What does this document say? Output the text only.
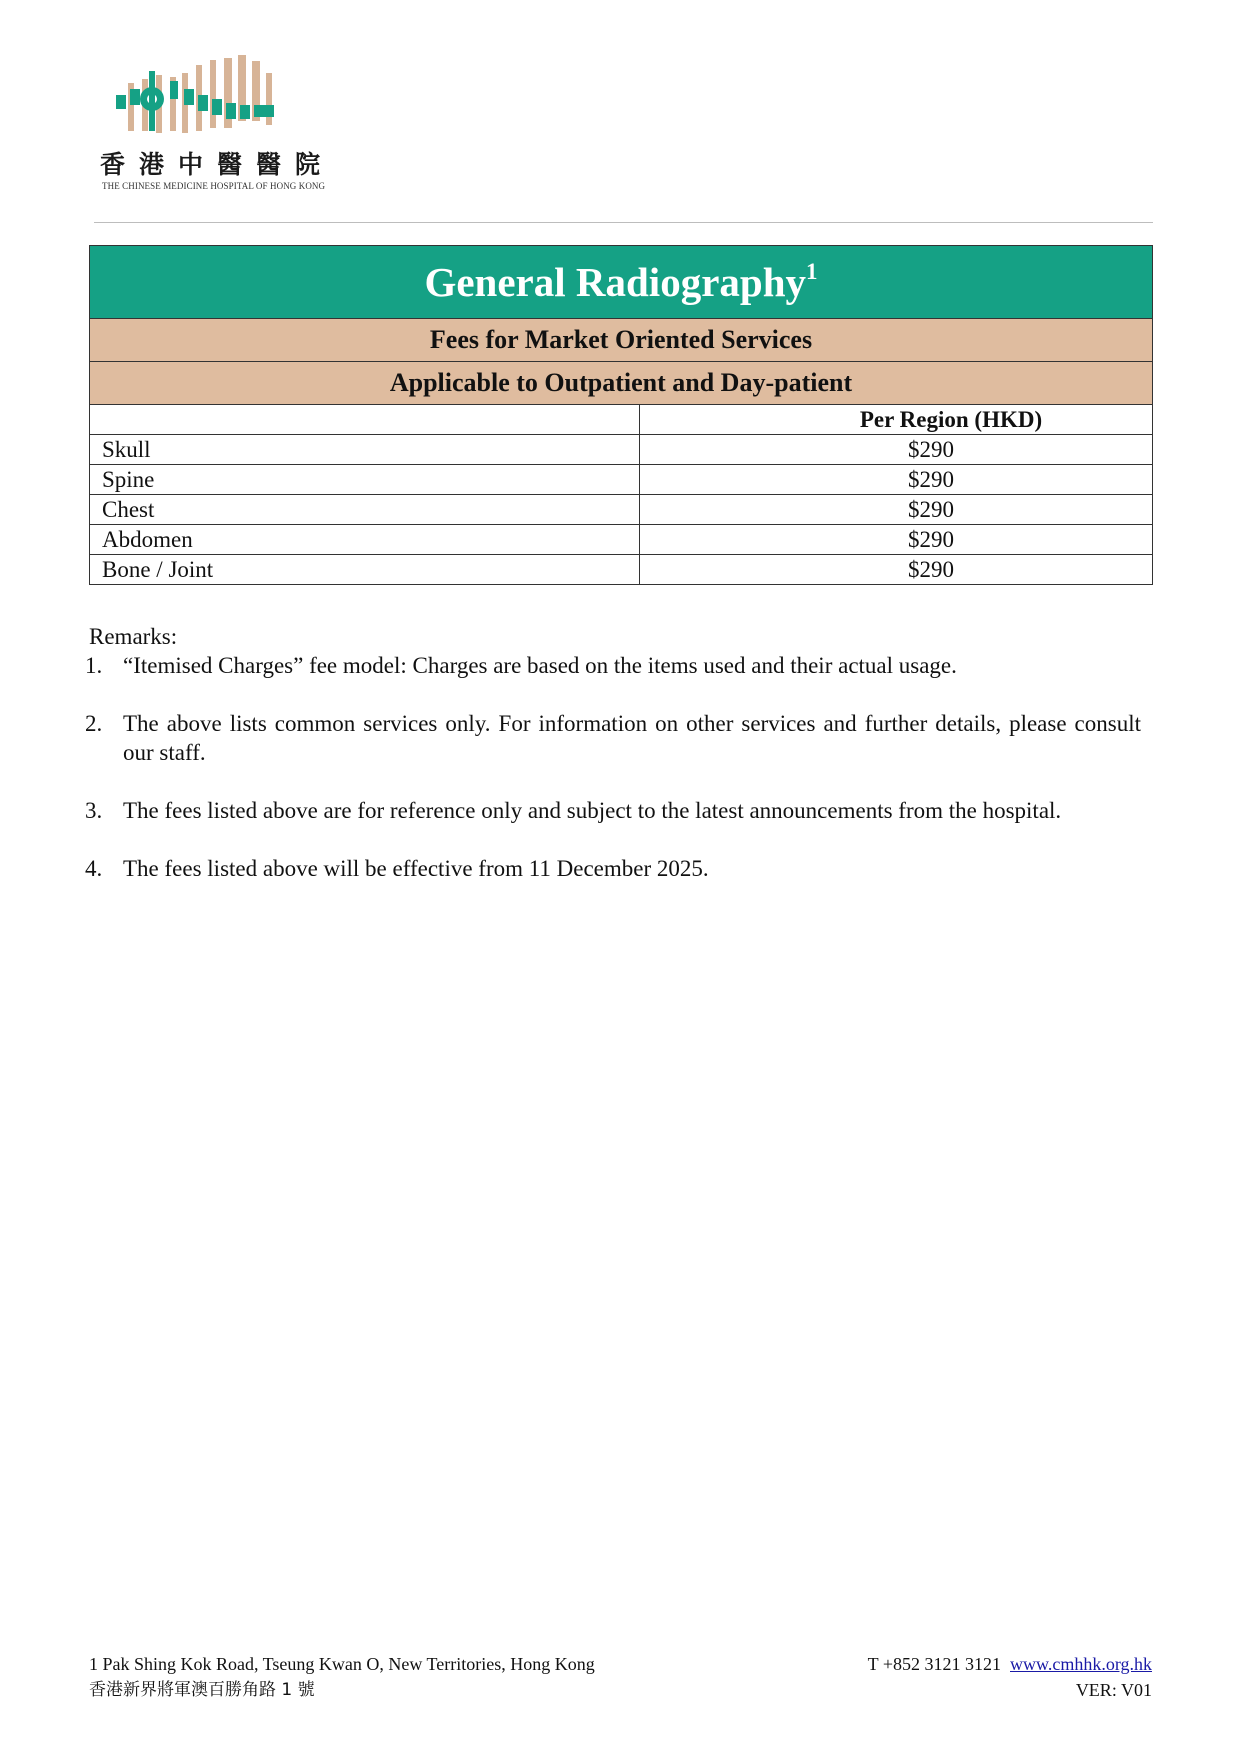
香港中醫醫院
THE CHINESE MEDICINE HOSPITAL OF HONG KONG
General Radiography$^1$
Fees for Market Oriented Services	
Applicable to Outpatient and Day-patient	
	Per Region (HKD)
Skull	$290
Spine	$290
Chest	$290
Abdomen	$290
Bone / Joint	$290
Remarks:
1. “Itemised Charges” fee model: Charges are based on the items used and their actual usage.
2. The above lists common services only. For information on other services and further details, please consult our staff.
3. The fees listed above are for reference only and subject to the latest announcements from the hospital.
4. The fees listed above will be effective from 11 December 2025.
1 Pak Shing Kok Road, Tseung Kwan O, New Territories, Hong Kong
香港新界將軍澳百勝角路 1 號
T +852 3121 3121 www.cmhhk.org.hk
VER: V01
